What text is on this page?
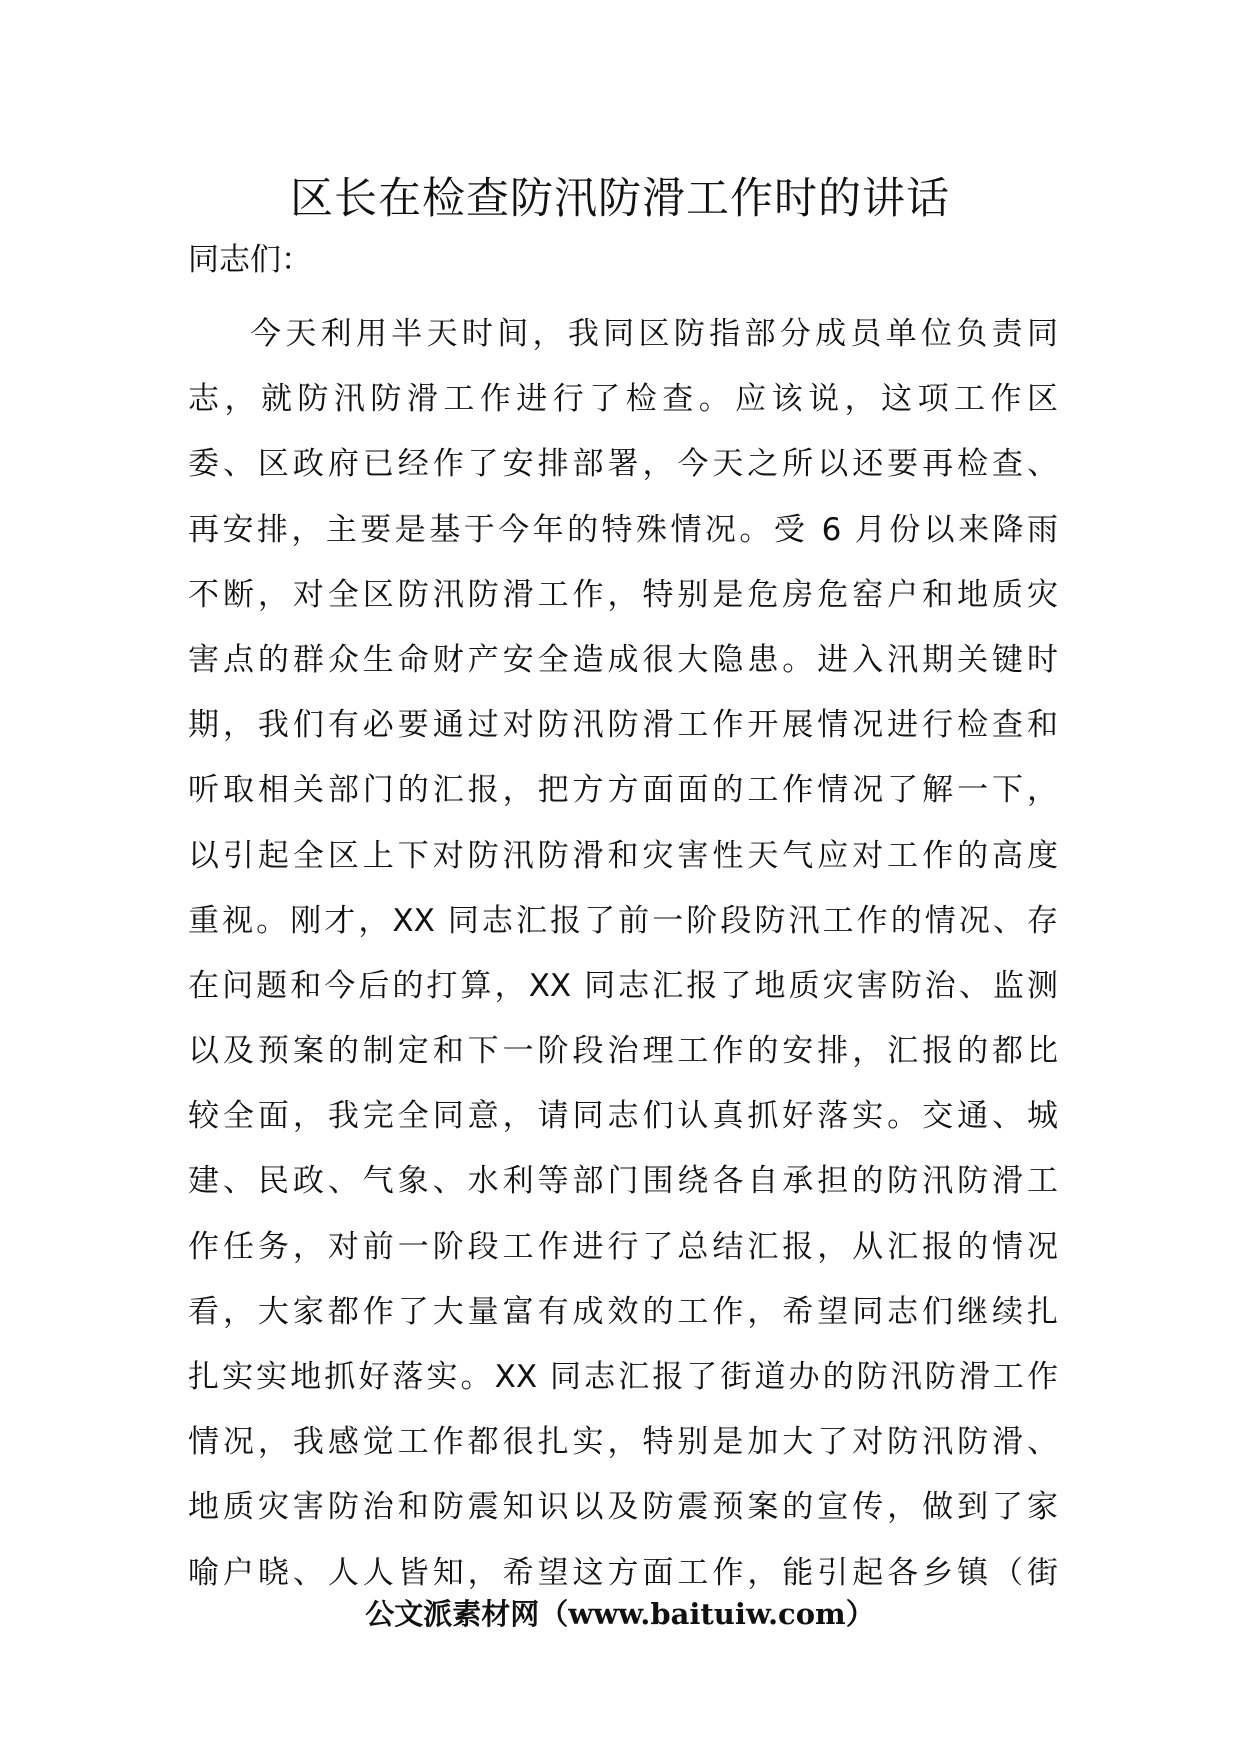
区长在检查防汛防滑工作时的讲话

同志们：

今天利用半天时间，我同区防指部分成员单位负责同
志，就防汛防滑工作进行了检查。应该说，这项工作区
委、区政府已经作了安排部署，今天之所以还要再检查、
再安排，主要是基于今年的特殊情况。受 6 月份以来降雨
不断，对全区防汛防滑工作，特别是危房危窑户和地质灾
害点的群众生命财产安全造成很大隐患。进入汛期关键时
期，我们有必要通过对防汛防滑工作开展情况进行检查和
听取相关部门的汇报，把方方面面的工作情况了解一下，
以引起全区上下对防汛防滑和灾害性天气应对工作的高度
重视。刚才，XX 同志汇报了前一阶段防汛工作的情况、存
在问题和今后的打算，XX 同志汇报了地质灾害防治、监测
以及预案的制定和下一阶段治理工作的安排，汇报的都比
较全面，我完全同意，请同志们认真抓好落实。交通、城
建、民政、气象、水利等部门围绕各自承担的防汛防滑工
作任务，对前一阶段工作进行了总结汇报，从汇报的情况
看，大家都作了大量富有成效的工作，希望同志们继续扎
扎实实地抓好落实。XX 同志汇报了街道办的防汛防滑工作
情况，我感觉工作都很扎实，特别是加大了对防汛防滑、
地质灾害防治和防震知识以及防震预案的宣传，做到了家
喻户晓、人人皆知，希望这方面工作，能引起各乡镇（街

公文派素材网（www.baituiw.com）
